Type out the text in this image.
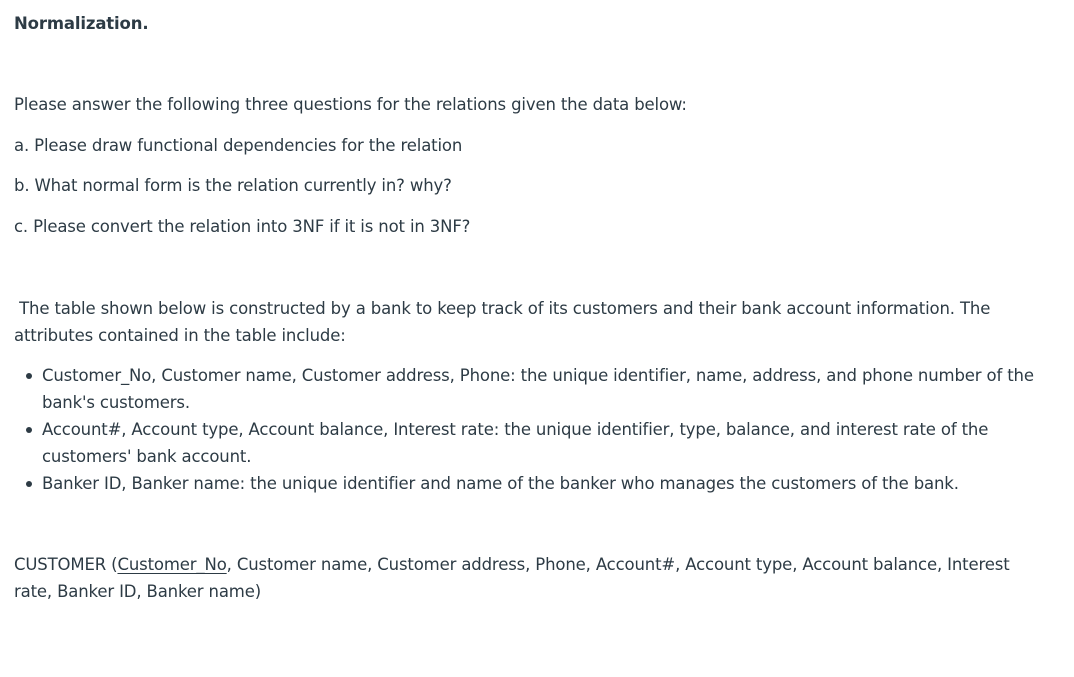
Normalization.
Please answer the following three questions for the relations given the data below:
a. Please draw functional dependencies for the relation
b. What normal form is the relation currently in? why?
c. Please convert the relation into 3NF if it is not in 3NF?
The table shown below is constructed by a bank to keep track of its customers and their bank account information. The attributes contained in the table include:
Customer_No, Customer name, Customer address, Phone: the unique identifier, name, address, and phone number of the bank's customers.
Account#, Account type, Account balance, Interest rate: the unique identifier, type, balance, and interest rate of the customers' bank account.
Banker ID, Banker name: the unique identifier and name of the banker who manages the customers of the bank.
CUSTOMER (Customer_No, Customer name, Customer address, Phone, Account#, Account type, Account balance, Interest rate, Banker ID, Banker name)
